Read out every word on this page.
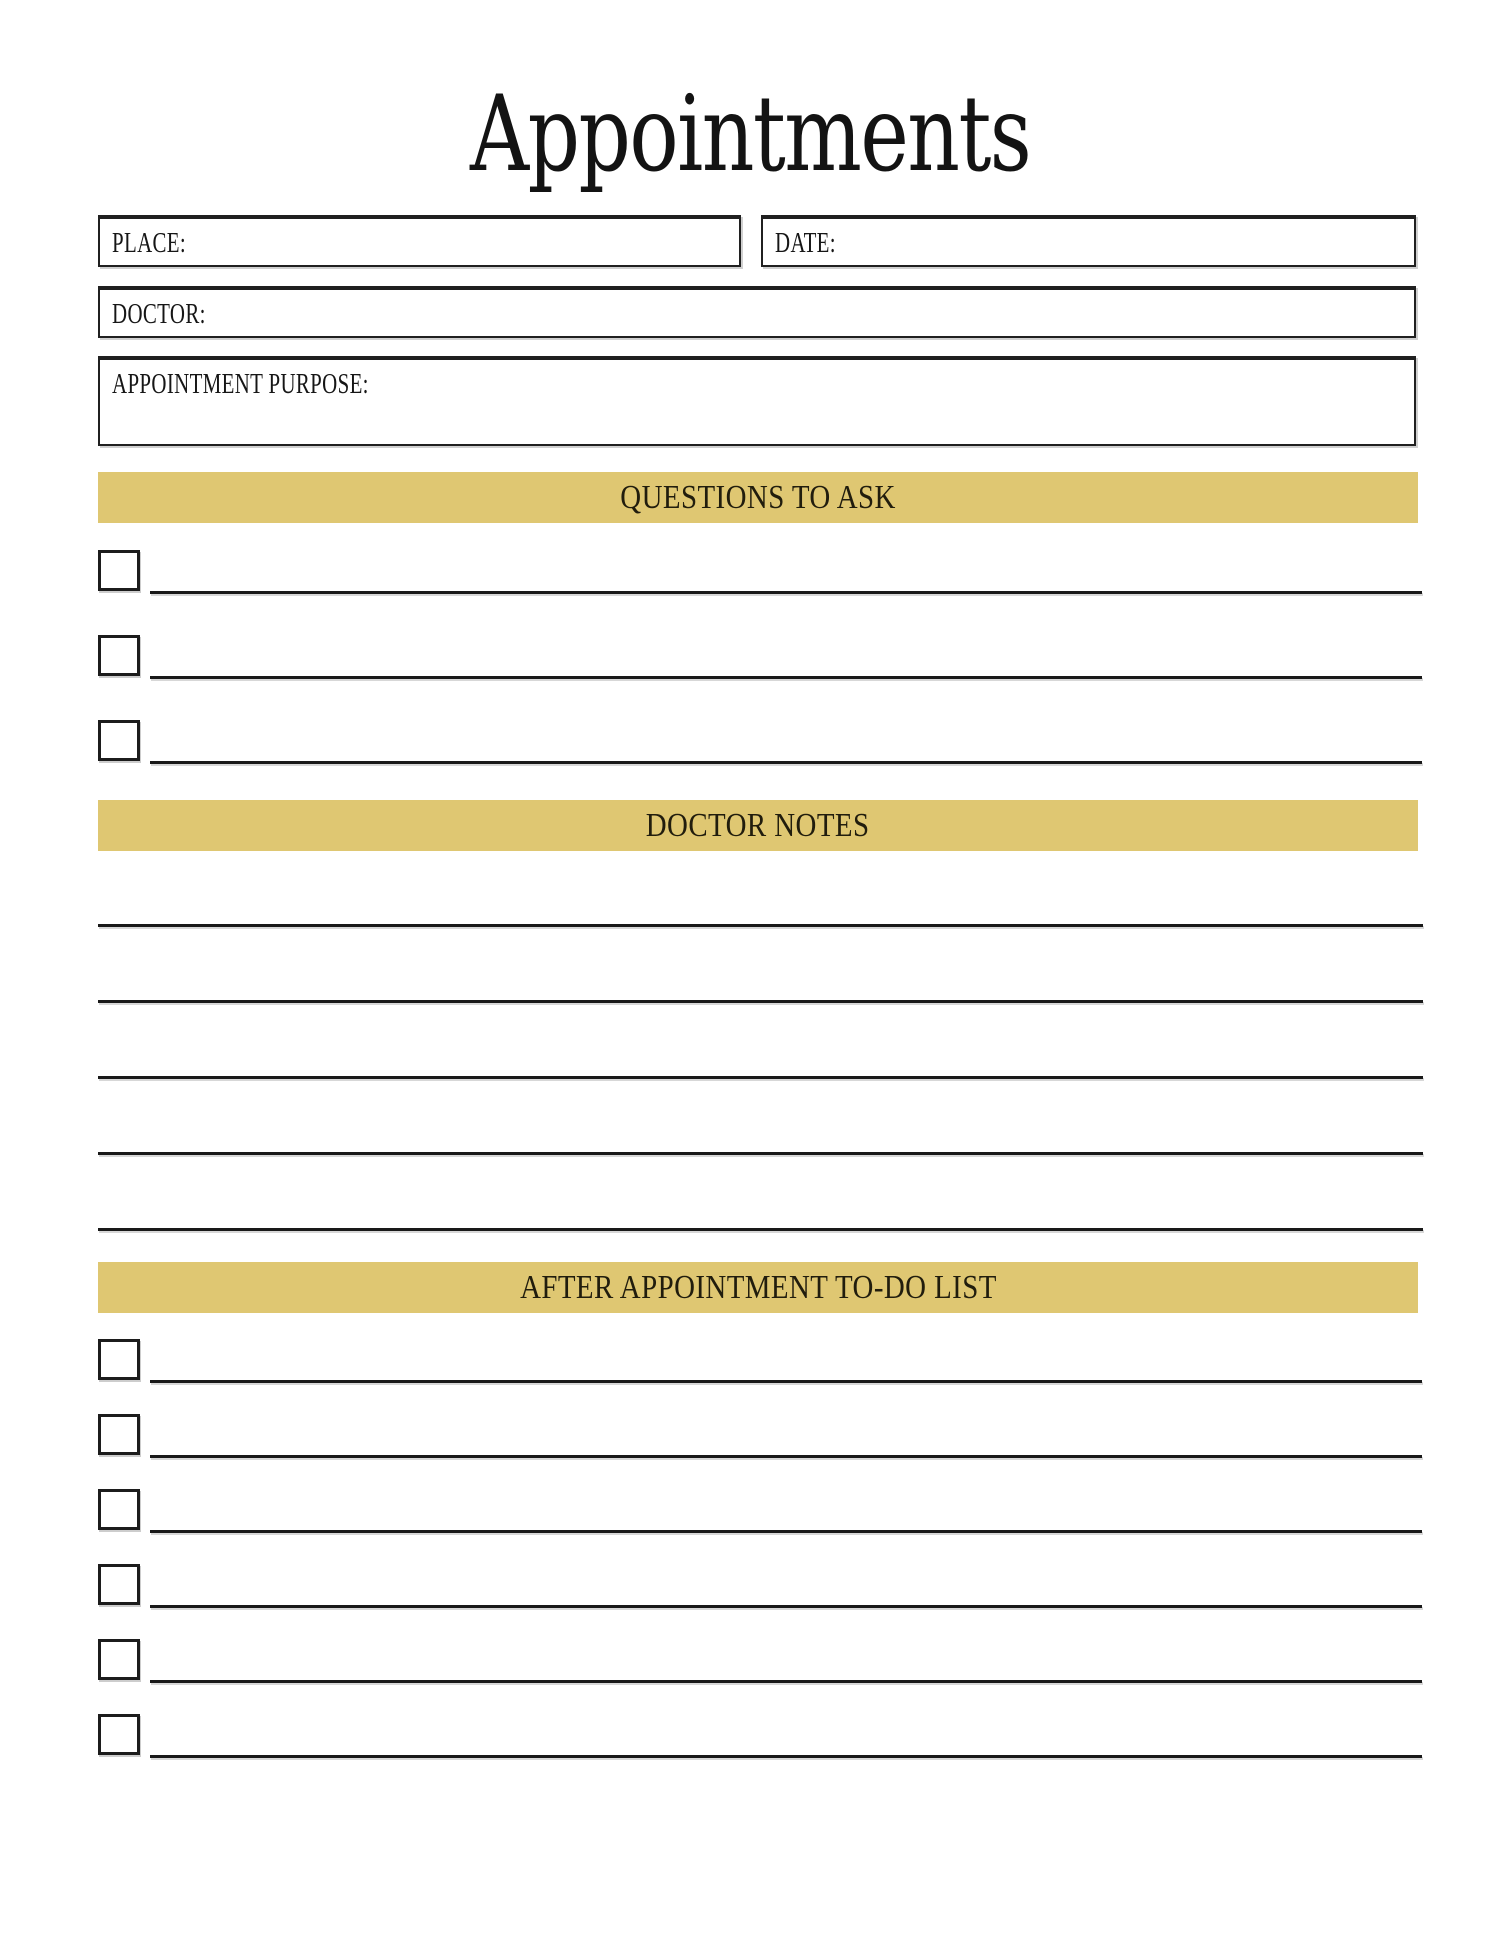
Appointments
PLACE:	DATE:
DOCTOR:
APPOINTMENT PURPOSE:
QUESTIONS TO ASK
DOCTOR NOTES
AFTER APPOINTMENT TO-DO LIST
